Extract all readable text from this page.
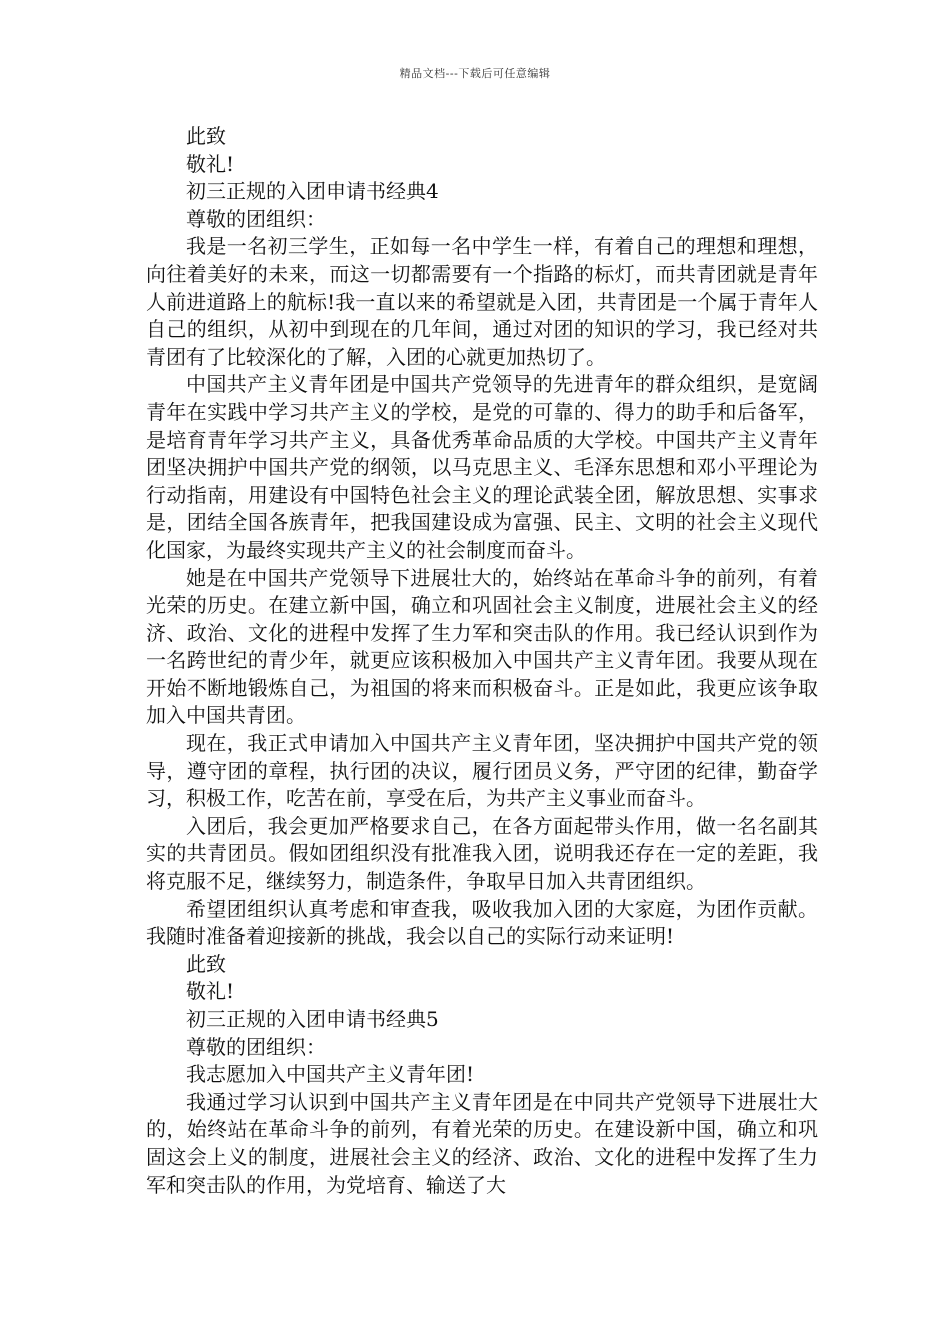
精品文档---下载后可任意编辑

此致

敬礼!

初三正规的入团申请书经典4

尊敬的团组织：

我是一名初三学生，正如每一名中学生一样，有着自己的理想和理想，向往着美好的未来，而这一切都需要有一个指路的标灯，而共青团就是青年人前进道路上的航标!我一直以来的希望就是入团，共青团是一个属于青年人自己的组织，从初中到现在的几年间，通过对团的知识的学习，我已经对共青团有了比较深化的了解，入团的心就更加热切了。

中国共产主义青年团是中国共产党领导的先进青年的群众组织，是宽阔青年在实践中学习共产主义的学校，是党的可靠的、得力的助手和后备军，是培育青年学习共产主义，具备优秀革命品质的大学校。中国共产主义青年团坚决拥护中国共产党的纲领，以马克思主义、毛泽东思想和邓小平理论为行动指南，用建设有中国特色社会主义的理论武装全团，解放思想、实事求是，团结全国各族青年，把我国建设成为富强、民主、文明的社会主义现代化国家，为最终实现共产主义的社会制度而奋斗。

她是在中国共产党领导下进展壮大的，始终站在革命斗争的前列，有着光荣的历史。在建立新中国，确立和巩固社会主义制度，进展社会主义的经济、政治、文化的进程中发挥了生力军和突击队的作用。我已经认识到作为一名跨世纪的青少年，就更应该积极加入中国共产主义青年团。我要从现在开始不断地锻炼自己，为祖国的将来而积极奋斗。正是如此，我更应该争取加入中国共青团。

现在，我正式申请加入中国共产主义青年团，坚决拥护中国共产党的领导，遵守团的章程，执行团的决议，履行团员义务，严守团的纪律，勤奋学习，积极工作，吃苦在前，享受在后，为共产主义事业而奋斗。

入团后，我会更加严格要求自己，在各方面起带头作用，做一名名副其实的共青团员。假如团组织没有批准我入团，说明我还存在一定的差距，我将克服不足，继续努力，制造条件，争取早日加入共青团组织。

希望团组织认真考虑和审查我，吸收我加入团的大家庭，为团作贡献。我随时准备着迎接新的挑战，我会以自己的实际行动来证明!

此致

敬礼!

初三正规的入团申请书经典5

尊敬的团组织：

我志愿加入中国共产主义青年团!

我通过学习认识到中国共产主义青年团是在中同共产党领导下进展壮大的，始终站在革命斗争的前列，有着光荣的历史。在建设新中国，确立和巩固这会上义的制度，进展社会主义的经济、政治、文化的进程中发挥了生力军和突击队的作用，为党培育、输送了大
